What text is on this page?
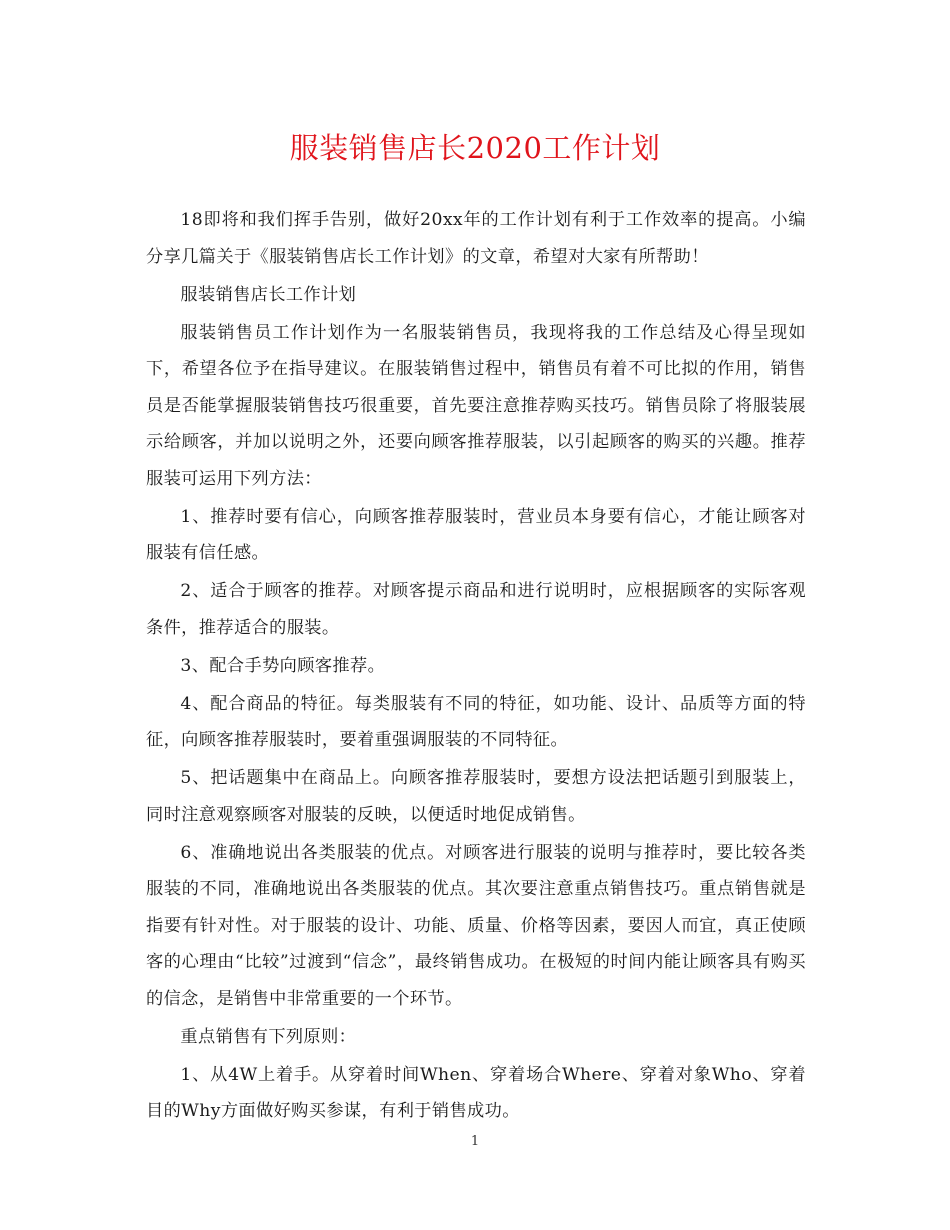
服装销售店长2020工作计划

18即将和我们挥手告别，做好20xx年的工作计划有利于工作效率的提高。小编分享几篇关于《服装销售店长工作计划》的文章，希望对大家有所帮助！

服装销售店长工作计划

服装销售员工作计划作为一名服装销售员，我现将我的工作总结及心得呈现如下，希望各位予在指导建议。在服装销售过程中，销售员有着不可比拟的作用，销售员是否能掌握服装销售技巧很重要，首先要注意推荐购买技巧。销售员除了将服装展示给顾客，并加以说明之外，还要向顾客推荐服装，以引起顾客的购买的兴趣。推荐服装可运用下列方法：

1、推荐时要有信心，向顾客推荐服装时，营业员本身要有信心，才能让顾客对服装有信任感。

2、适合于顾客的推荐。对顾客提示商品和进行说明时，应根据顾客的实际客观条件，推荐适合的服装。

3、配合手势向顾客推荐。

4、配合商品的特征。每类服装有不同的特征，如功能、设计、品质等方面的特征，向顾客推荐服装时，要着重强调服装的不同特征。

5、把话题集中在商品上。向顾客推荐服装时，要想方设法把话题引到服装上，同时注意观察顾客对服装的反映，以便适时地促成销售。

6、准确地说出各类服装的优点。对顾客进行服装的说明与推荐时，要比较各类服装的不同，准确地说出各类服装的优点。其次要注意重点销售技巧。重点销售就是指要有针对性。对于服装的设计、功能、质量、价格等因素，要因人而宜，真正使顾客的心理由“比较”过渡到“信念”，最终销售成功。在极短的时间内能让顾客具有购买的信念，是销售中非常重要的一个环节。

重点销售有下列原则：

1、从4W上着手。从穿着时间When、穿着场合Where、穿着对象Who、穿着目的Why方面做好购买参谋，有利于销售成功。

1
